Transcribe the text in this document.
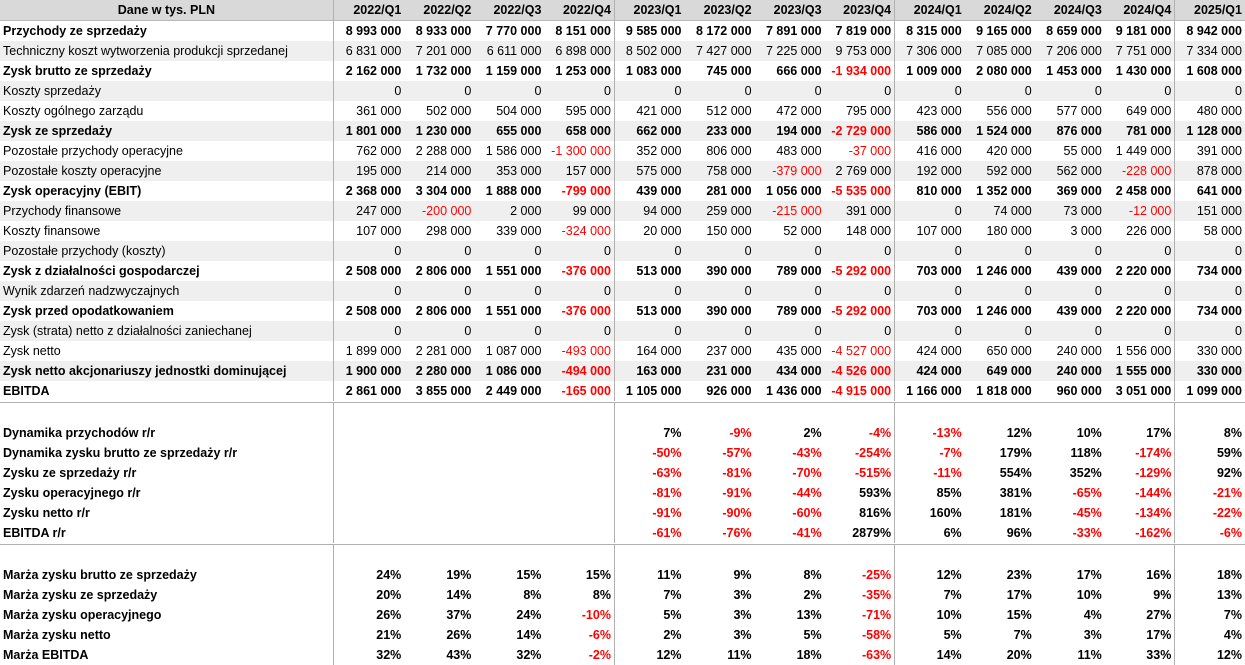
Dane w tys. PLN	2022/Q1	2022/Q2	2022/Q3	2022/Q4	2023/Q1	2023/Q2	2023/Q3	2023/Q4	2024/Q1	2024/Q2	2024/Q3	2024/Q4	2025/Q1
Przychody ze sprzedaży	8 993 000	8 933 000	7 770 000	8 151 000	9 585 000	8 172 000	7 891 000	7 819 000	8 315 000	9 165 000	8 659 000	9 181 000	8 942 000
Techniczny koszt wytworzenia produkcji sprzedanej	6 831 000	7 201 000	6 611 000	6 898 000	8 502 000	7 427 000	7 225 000	9 753 000	7 306 000	7 085 000	7 206 000	7 751 000	7 334 000
Zysk brutto ze sprzedaży	2 162 000	1 732 000	1 159 000	1 253 000	1 083 000	745 000	666 000	-1 934 000	1 009 000	2 080 000	1 453 000	1 430 000	1 608 000
Koszty sprzedaży	0	0	0	0	0	0	0	0	0	0	0	0	0
Koszty ogólnego zarządu	361 000	502 000	504 000	595 000	421 000	512 000	472 000	795 000	423 000	556 000	577 000	649 000	480 000
Zysk ze sprzedaży	1 801 000	1 230 000	655 000	658 000	662 000	233 000	194 000	-2 729 000	586 000	1 524 000	876 000	781 000	1 128 000
Pozostałe przychody operacyjne	762 000	2 288 000	1 586 000	-1 300 000	352 000	806 000	483 000	-37 000	416 000	420 000	55 000	1 449 000	391 000
Pozostałe koszty operacyjne	195 000	214 000	353 000	157 000	575 000	758 000	-379 000	2 769 000	192 000	592 000	562 000	-228 000	878 000
Zysk operacyjny (EBIT)	2 368 000	3 304 000	1 888 000	-799 000	439 000	281 000	1 056 000	-5 535 000	810 000	1 352 000	369 000	2 458 000	641 000
Przychody finansowe	247 000	-200 000	2 000	99 000	94 000	259 000	-215 000	391 000	0	74 000	73 000	-12 000	151 000
Koszty finansowe	107 000	298 000	339 000	-324 000	20 000	150 000	52 000	148 000	107 000	180 000	3 000	226 000	58 000
Pozostałe przychody (koszty)	0	0	0	0	0	0	0	0	0	0	0	0	0
Zysk z działalności gospodarczej	2 508 000	2 806 000	1 551 000	-376 000	513 000	390 000	789 000	-5 292 000	703 000	1 246 000	439 000	2 220 000	734 000
Wynik zdarzeń nadzwyczajnych	0	0	0	0	0	0	0	0	0	0	0	0	0
Zysk przed opodatkowaniem	2 508 000	2 806 000	1 551 000	-376 000	513 000	390 000	789 000	-5 292 000	703 000	1 246 000	439 000	2 220 000	734 000
Zysk (strata) netto z działalności zaniechanej	0	0	0	0	0	0	0	0	0	0	0	0	0
Zysk netto	1 899 000	2 281 000	1 087 000	-493 000	164 000	237 000	435 000	-4 527 000	424 000	650 000	240 000	1 556 000	330 000
Zysk netto akcjonariuszy jednostki dominującej	1 900 000	2 280 000	1 086 000	-494 000	163 000	231 000	434 000	-4 526 000	424 000	649 000	240 000	1 555 000	330 000
EBITDA	2 861 000	3 855 000	2 449 000	-165 000	1 105 000	926 000	1 436 000	-4 915 000	1 166 000	1 818 000	960 000	3 051 000	1 099 000

Dynamika przychodów r/r					7%	-9%	2%	-4%	-13%	12%	10%	17%	8%
Dynamika zysku brutto ze sprzedaży r/r					-50%	-57%	-43%	-254%	-7%	179%	118%	-174%	59%
Zysku ze sprzedaży r/r					-63%	-81%	-70%	-515%	-11%	554%	352%	-129%	92%
Zysku operacyjnego r/r					-81%	-91%	-44%	593%	85%	381%	-65%	-144%	-21%
Zysku netto r/r					-91%	-90%	-60%	816%	160%	181%	-45%	-134%	-22%
EBITDA r/r					-61%	-76%	-41%	2879%	6%	96%	-33%	-162%	-6%

Marża zysku brutto ze sprzedaży	24%	19%	15%	15%	11%	9%	8%	-25%	12%	23%	17%	16%	18%
Marża zysku ze sprzedaży	20%	14%	8%	8%	7%	3%	2%	-35%	7%	17%	10%	9%	13%
Marża zysku operacyjnego	26%	37%	24%	-10%	5%	3%	13%	-71%	10%	15%	4%	27%	7%
Marża zysku netto	21%	26%	14%	-6%	2%	3%	5%	-58%	5%	7%	3%	17%	4%
Marża EBITDA	32%	43%	32%	-2%	12%	11%	18%	-63%	14%	20%	11%	33%	12%
